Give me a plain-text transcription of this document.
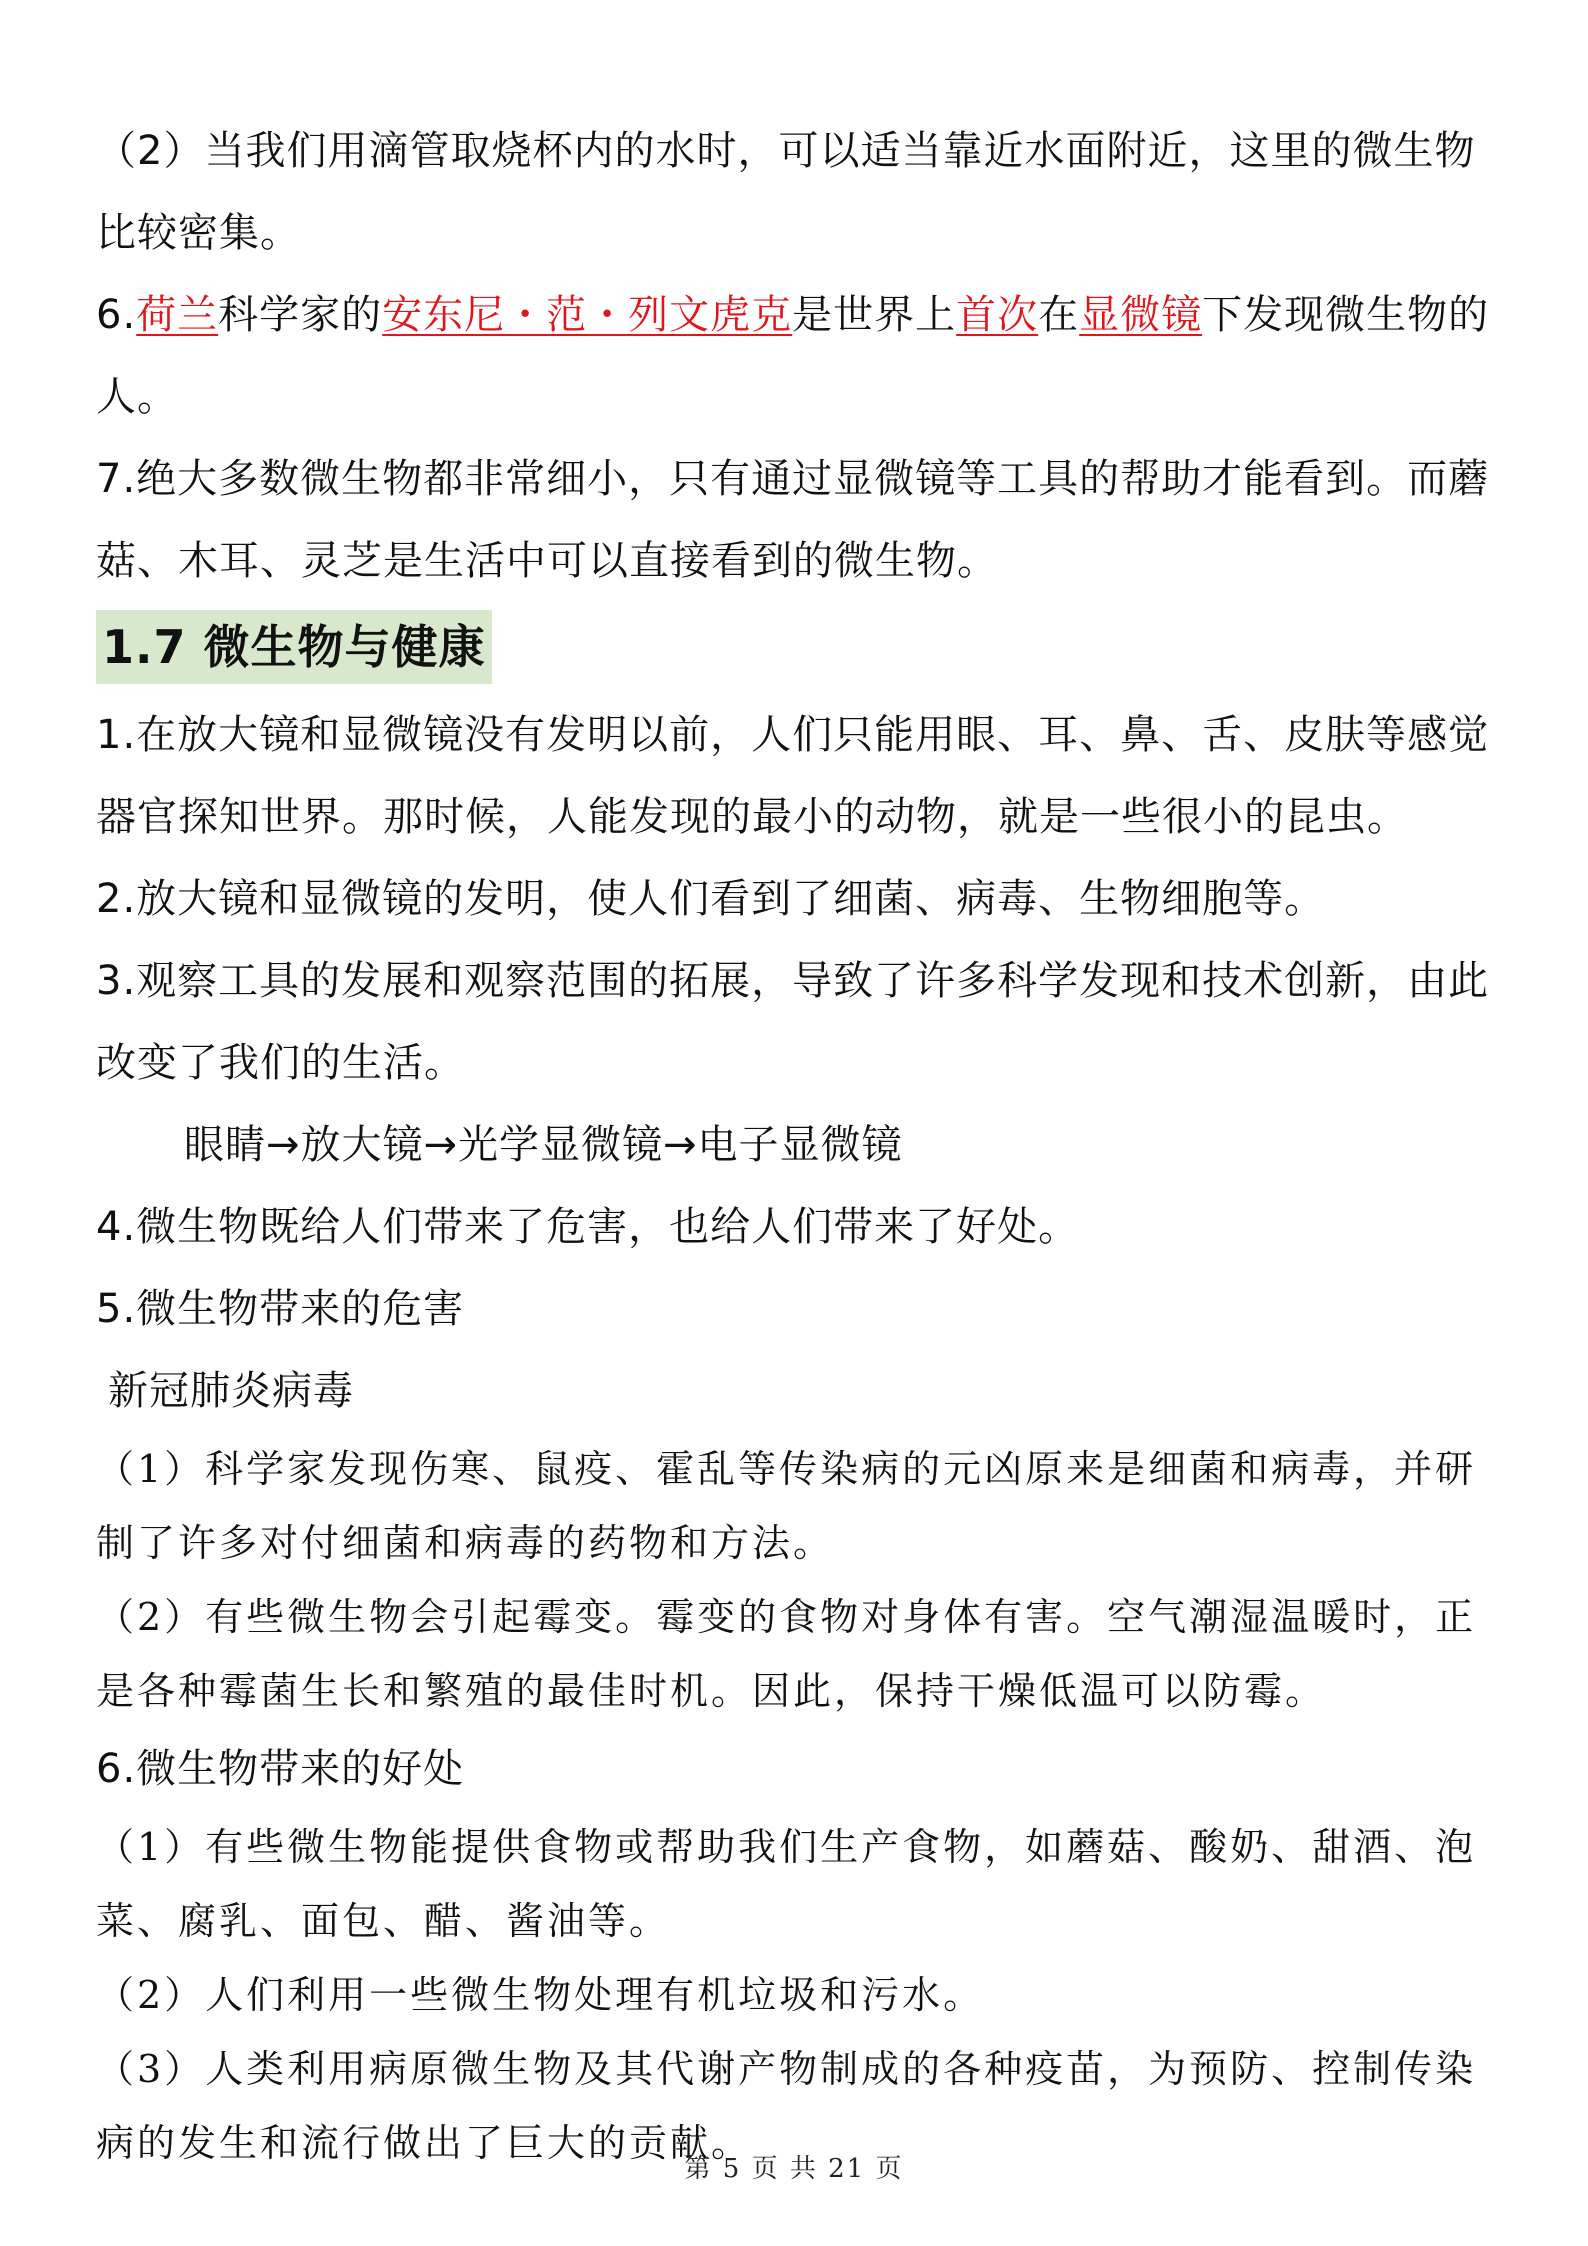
（2）当我们用滴管取烧杯内的水时，可以适当靠近水面附近，这里的微生物比较密集。

6.荷兰科学家的安东尼・范・列文虎克是世界上首次在显微镜下发现微生物的人。

7.绝大多数微生物都非常细小，只有通过显微镜等工具的帮助才能看到。而蘑菇、木耳、灵芝是生活中可以直接看到的微生物。

1.7 微生物与健康

1.在放大镜和显微镜没有发明以前，人们只能用眼、耳、鼻、舌、皮肤等感觉器官探知世界。那时候，人能发现的最小的动物，就是一些很小的昆虫。

2.放大镜和显微镜的发明，使人们看到了细菌、病毒、生物细胞等。

3.观察工具的发展和观察范围的拓展，导致了许多科学发现和技术创新，由此改变了我们的生活。

眼睛→放大镜→光学显微镜→电子显微镜

4.微生物既给人们带来了危害，也给人们带来了好处。

5.微生物带来的危害

新冠肺炎病毒

（1）科学家发现伤寒、鼠疫、霍乱等传染病的元凶原来是细菌和病毒，并研制了许多对付细菌和病毒的药物和方法。

（2）有些微生物会引起霉变。霉变的食物对身体有害。空气潮湿温暖时，正是各种霉菌生长和繁殖的最佳时机。因此，保持干燥低温可以防霉。

6.微生物带来的好处

（1）有些微生物能提供食物或帮助我们生产食物，如蘑菇、酸奶、甜酒、泡菜、腐乳、面包、醋、酱油等。

（2）人们利用一些微生物处理有机垃圾和污水。

（3）人类利用病原微生物及其代谢产物制成的各种疫苗，为预防、控制传染病的发生和流行做出了巨大的贡献。

第 5 页 共 21 页
